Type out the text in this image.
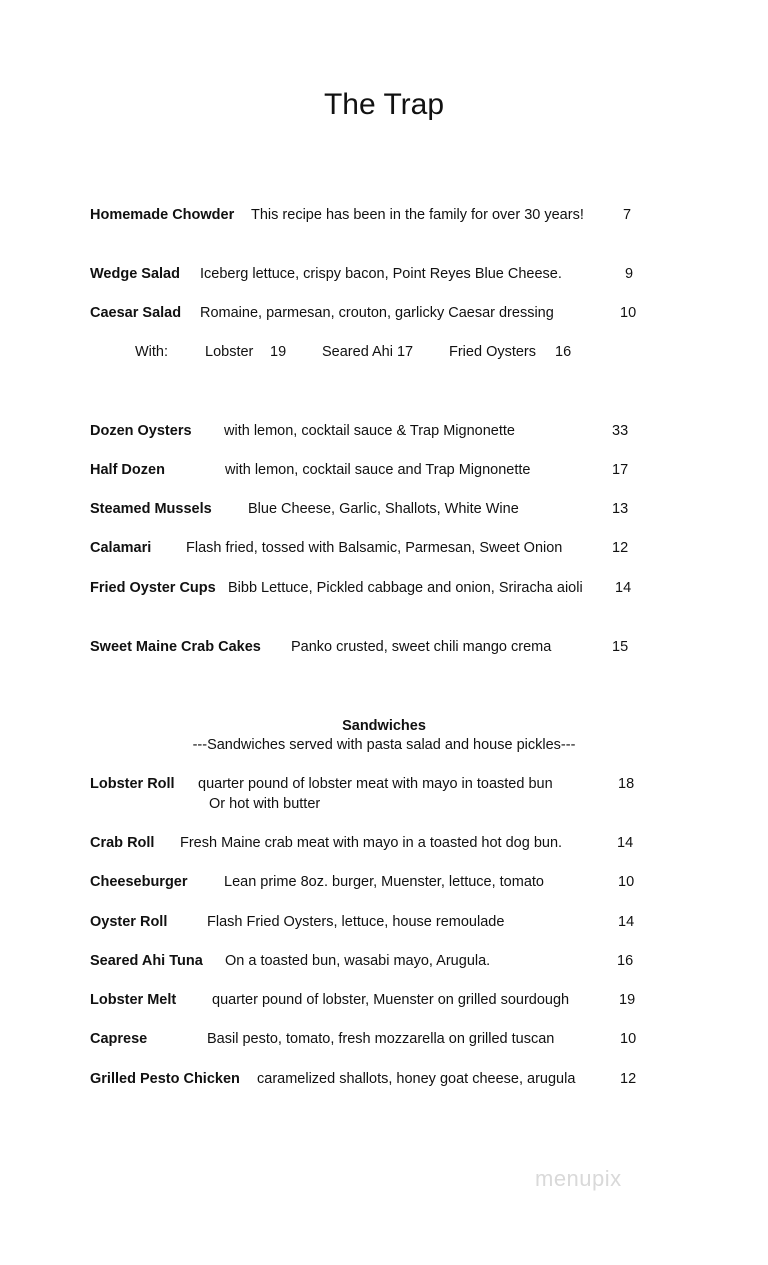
The Trap
Homemade Chowder This recipe has been in the family for over 30 years!	7
Wedge Salad Iceberg lettuce, crispy bacon, Point Reyes Blue Cheese.	9
Caesar Salad Romaine, parmesan, crouton, garlicky Caesar dressing	10
With:	Lobster 19 Seared Ahi 17 Fried Oysters 16
Dozen Oysters with lemon, cocktail sauce & Trap Mignonette	33
Half Dozen	with lemon, cocktail sauce and Trap Mignonette	17
Steamed Mussels	Blue Cheese, Garlic, Shallots, White Wine	13
Calamari Flash fried, tossed with Balsamic, Parmesan, Sweet Onion	12
Fried Oyster Cups Bibb Lettuce, Pickled cabbage and onion, Sriracha aioli 14
Sweet Maine Crab Cakes Panko crusted, sweet chili mango crema	15
Sandwiches
---Sandwiches served with pasta salad and house pickles---
Lobster Roll quarter pound of lobster meat with mayo in toasted bun	18
Or hot with butter
Crab Roll Fresh Maine crab meat with mayo in a toasted hot dog bun.	14
Cheeseburger	Lean prime 8oz. burger, Muenster, lettuce, tomato	10
Oyster Roll	Flash Fried Oysters, lettuce, house remoulade	14
Seared Ahi Tuna On a toasted bun, wasabi mayo, Arugula.	16
Lobster Melt quarter pound of lobster, Muenster on grilled sourdough	19
Caprese	Basil pesto, tomato, fresh mozzarella on grilled tuscan	10
Grilled Pesto Chicken caramelized shallots, honey goat cheese, arugula	12
menupix
